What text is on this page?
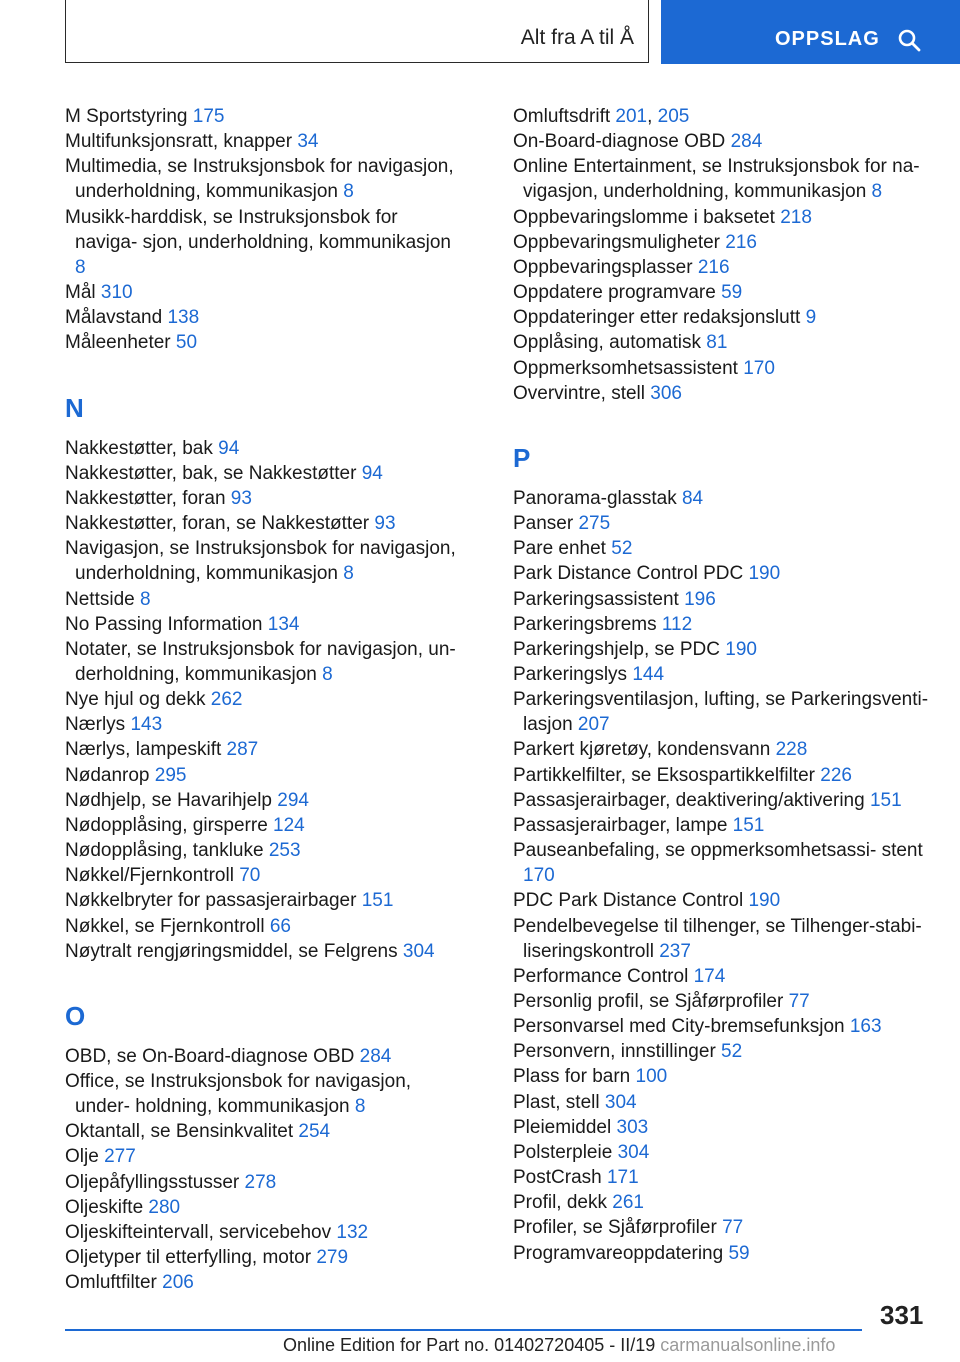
Alt fra A til Å	OPPSLAG
M Sportstyring 175
Multifunksjonsratt, knapper 34
Multimedia, se Instruksjonsbok for navigasjon, underholdning, kommunikasjon 8
Musikk-harddisk, se Instruksjonsbok for naviga- sjon, underholdning, kommunikasjon 8
Mål 310
Målavstand 138
Måleenheter 50
N
Nakkestøtter, bak 94
Nakkestøtter, bak, se Nakkestøtter 94
Nakkestøtter, foran 93
Nakkestøtter, foran, se Nakkestøtter 93
Navigasjon, se Instruksjonsbok for navigasjon, underholdning, kommunikasjon 8
Nettside 8
No Passing Information 134
Notater, se Instruksjonsbok for navigasjon, un- derholdning, kommunikasjon 8
Nye hjul og dekk 262
Nærlys 143
Nærlys, lampeskift 287
Nødanrop 295
Nødhjelp, se Havarihjelp 294
Nødopplåsing, girsperre 124
Nødopplåsing, tankluke 253
Nøkkel/Fjernkontroll 70
Nøkkelbryter for passasjerairbager 151
Nøkkel, se Fjernkontroll 66
Nøytralt rengjøringsmiddel, se Felgrens 304
O
OBD, se On-Board-diagnose OBD 284
Office, se Instruksjonsbok for navigasjon, under- holdning, kommunikasjon 8
Oktantall, se Bensinkvalitet 254
Olje 277
Oljepåfyllingsstusser 278
Oljeskifte 280
Oljeskifteintervall, servicebehov 132
Oljetyper til etterfylling, motor 279
Omluftfilter 206
Omluftsdrift 201, 205
On-Board-diagnose OBD 284
Online Entertainment, se Instruksjonsbok for na- vigasjon, underholdning, kommunikasjon 8
Oppbevaringslomme i baksetet 218
Oppbevaringsmuligheter 216
Oppbevaringsplasser 216
Oppdatere programvare 59
Oppdateringer etter redaksjonslutt 9
Opplåsing, automatisk 81
Oppmerksomhetsassistent 170
Overvintre, stell 306
P
Panorama-glasstak 84
Panser 275
Pare enhet 52
Park Distance Control PDC 190
Parkeringsassistent 196
Parkeringsbrems 112
Parkeringshjelp, se PDC 190
Parkeringslys 144
Parkeringsventilasjon, lufting, se Parkeringsventi- lasjon 207
Parkert kjøretøy, kondensvann 228
Partikkelfilter, se Eksospartikkelfilter 226
Passasjerairbager, deaktivering/aktivering 151
Passasjerairbager, lampe 151
Pauseanbefaling, se oppmerksomhetsassi- stent 170
PDC Park Distance Control 190
Pendelbevegelse til tilhenger, se Tilhenger-stabi- liseringskontroll 237
Performance Control 174
Personlig profil, se Sjåførprofiler 77
Personvarsel med City-bremsefunksjon 163
Personvern, innstillinger 52
Plass for barn 100
Plast, stell 304
Pleiemiddel 303
Polsterpleie 304
PostCrash 171
Profil, dekk 261
Profiler, se Sjåførprofiler 77
Programvareoppdatering 59
331
Online Edition for Part no. 01402720405 - II/19 carmanualsonline.info
